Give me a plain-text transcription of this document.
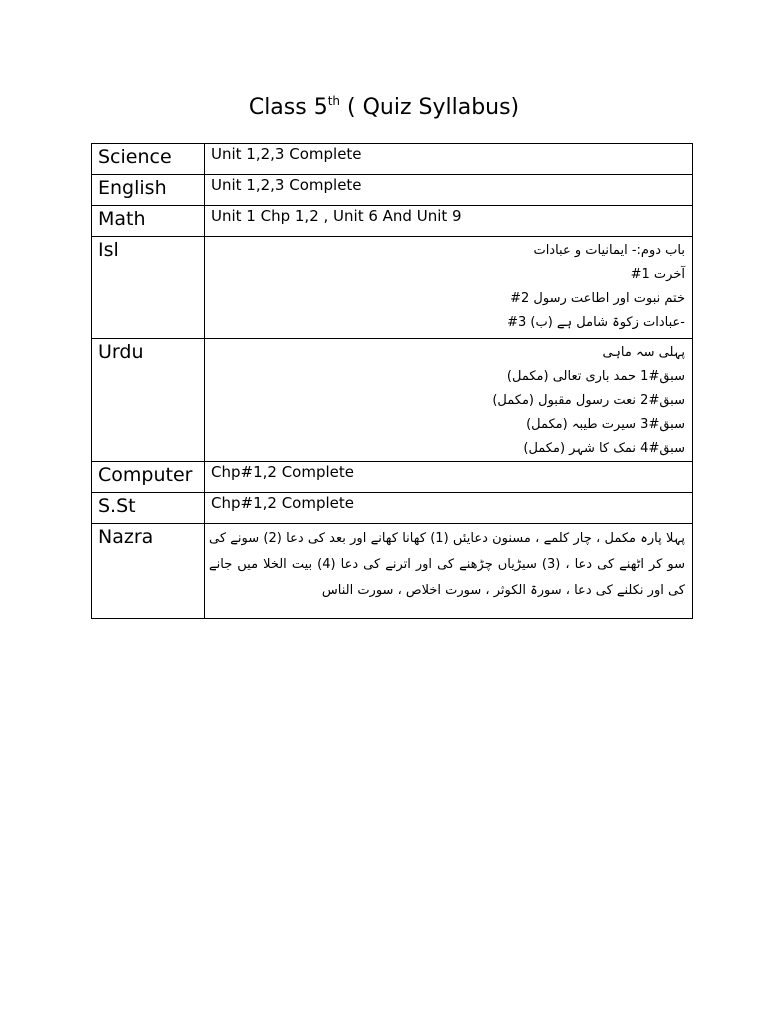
Class 5th ( Quiz Syllabus)
Science	Unit 1,2,3 Complete
English	Unit 1,2,3 Complete
Math	Unit 1 Chp 1,2 , Unit 6 And Unit 9
Isl	باب دوم:- ایمانیات و عبادات
آخرت 1#
ختم نبوت اور اطاعت رسول 2#
-عبادات زکوۃ شامل ہے (ب) 3#

Urdu	پہلی سہ ماہی
سبق#1 حمد باری تعالی (مکمل)
سبق#2 نعت رسول مقبول (مکمل)
سبق#3 سیرت طیبہ (مکمل)
سبق#4 نمک کا شہر (مکمل)

Computer	Chp#1,2 Complete
S.St	Chp#1,2 Complete
Nazra	پہلا پارہ مکمل ، چار کلمے ، مسنون دعایئں (1) کھانا کھانے اور بعد کی دعا (2) سونے کی سو کر اٹھنے کی دعا ، (3) سیڑیاں چڑھنے کی اور اترنے کی دعا (4) بیت الخلا میں جانے کی اور نکلنے کی دعا ، سورۃ الکوثر ، سورت اخلاص ، سورت الناس
